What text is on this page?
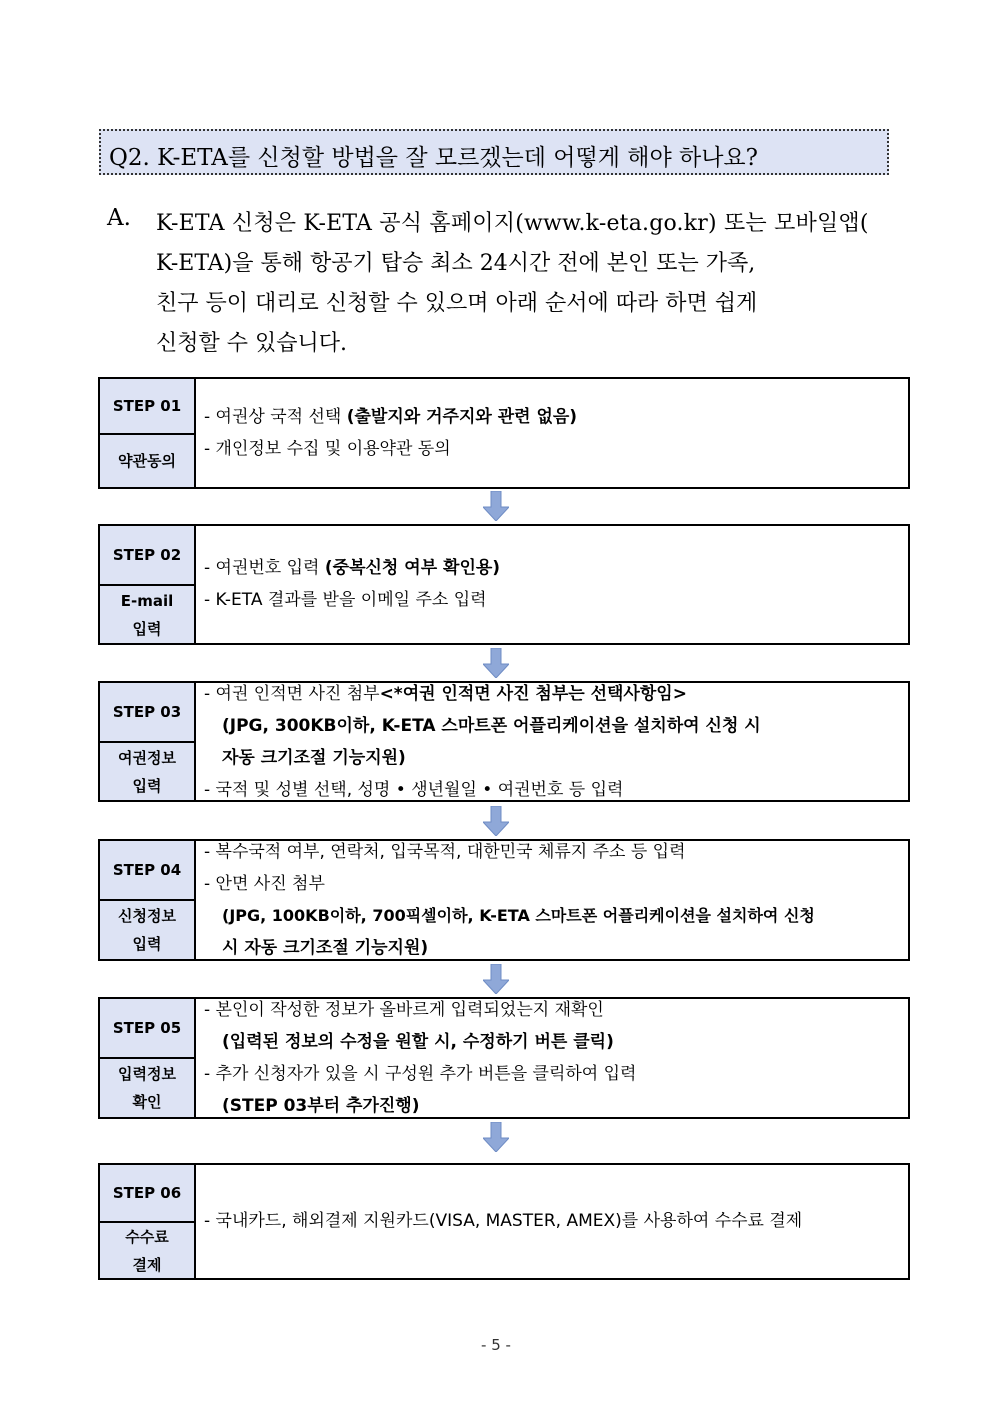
Q2. K-ETA를 신청할 방법을 잘 모르겠는데 어떻게 해야 하나요?
A. K-ETA 신청은 K-ETA 공식 홈페이지(www.k-eta.go.kr) 또는 모바일앱(
K-ETA)을 통해 항공기 탑승 최소 24시간 전에 본인 또는 가족,
친구 등이 대리로 신청할 수 있으며 아래 순서에 따라 하면 쉽게
신청할 수 있습니다.
STEP 01
약관동의
- 여권상 국적 선택 (출발지와 거주지와 관련 없음)
- 개인정보 수집 및 이용약관 동의
STEP 02
E-mail
입력
- 여권번호 입력 (중복신청 여부 확인용)
- K-ETA 결과를 받을 이메일 주소 입력
STEP 03
여권정보
입력
- 여권 인적면 사진 첨부<*여권 인적면 사진 첨부는 선택사항임>
(JPG, 300KB이하, K-ETA 스마트폰 어플리케이션을 설치하여 신청 시
자동 크기조절 기능지원)
- 국적 및 성별 선택, 성명 • 생년월일 • 여권번호 등 입력
STEP 04
신청정보
입력
- 복수국적 여부, 연락처, 입국목적, 대한민국 체류지 주소 등 입력
- 안면 사진 첨부
(JPG, 100KB이하, 700픽셀이하, K-ETA 스마트폰 어플리케이션을 설치하여 신청
시 자동 크기조절 기능지원)
STEP 05
입력정보
확인
- 본인이 작성한 정보가 올바르게 입력되었는지 재확인
(입력된 정보의 수정을 원할 시, 수정하기 버튼 클릭)
- 추가 신청자가 있을 시 구성원 추가 버튼을 클릭하여 입력
(STEP 03부터 추가진행)
STEP 06
수수료
결제
- 국내카드, 해외결제 지원카드(VISA, MASTER, AMEX)를 사용하여 수수료 결제
- 5 -
